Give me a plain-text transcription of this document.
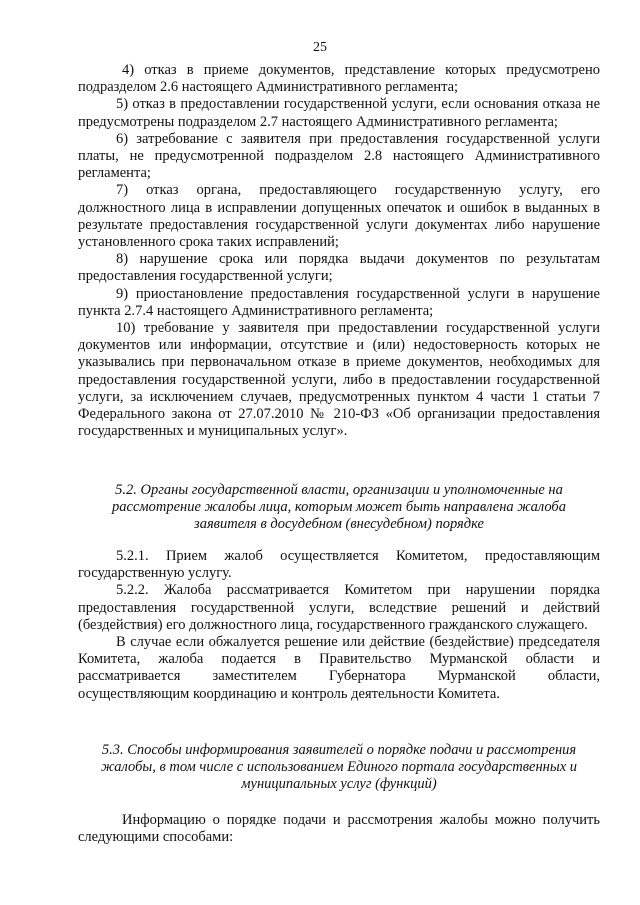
25

4) отказ в приеме документов, представление которых предусмотрено подразделом 2.6 настоящего Административного регламента;

5) отказ в предоставлении государственной услуги, если основания отказа не предусмотрены подразделом 2.7 настоящего Административного регламента;

6) затребование с заявителя при предоставления государственной услуги платы, не предусмотренной подразделом 2.8 настоящего Административного регламента;

7) отказ органа, предоставляющего государственную услугу, его должностного лица в исправлении допущенных опечаток и ошибок в выданных в результате предоставления государственной услуги документах либо нарушение установленного срока таких исправлений;

8) нарушение срока или порядка выдачи документов по результатам предоставления государственной услуги;

9) приостановление предоставления государственной услуги в нарушение пункта 2.7.4 настоящего Административного регламента;

10) требование у заявителя при предоставлении государственной услуги документов или информации, отсутствие и (или) недостоверность которых не указывались при первоначальном отказе в приеме документов, необходимых для предоставления государственной услуги, либо в предоставлении государственной услуги, за исключением случаев, предусмотренных пунктом 4 части 1 статьи 7 Федерального закона от 27.07.2010 № 210-ФЗ «Об организации предоставления государственных и муниципальных услуг».

5.2. Органы государственной власти, организации и уполномоченные на рассмотрение жалобы лица, которым может быть направлена жалоба заявителя в досудебном (внесудебном) порядке

5.2.1. Прием жалоб осуществляется Комитетом, предоставляющим государственную услугу.

5.2.2. Жалоба рассматривается Комитетом при нарушении порядка предоставления государственной услуги, вследствие решений и действий (бездействия) его должностного лица, государственного гражданского служащего.

В случае если обжалуется решение или действие (бездействие) председателя Комитета, жалоба подается в Правительство Мурманской области и рассматривается заместителем Губернатора Мурманской области, осуществляющим координацию и контроль деятельности Комитета.

5.3. Способы информирования заявителей о порядке подачи и рассмотрения жалобы, в том числе с использованием Единого портала государственных и муниципальных услуг (функций)

Информацию о порядке подачи и рассмотрения жалобы можно получить следующими способами:
